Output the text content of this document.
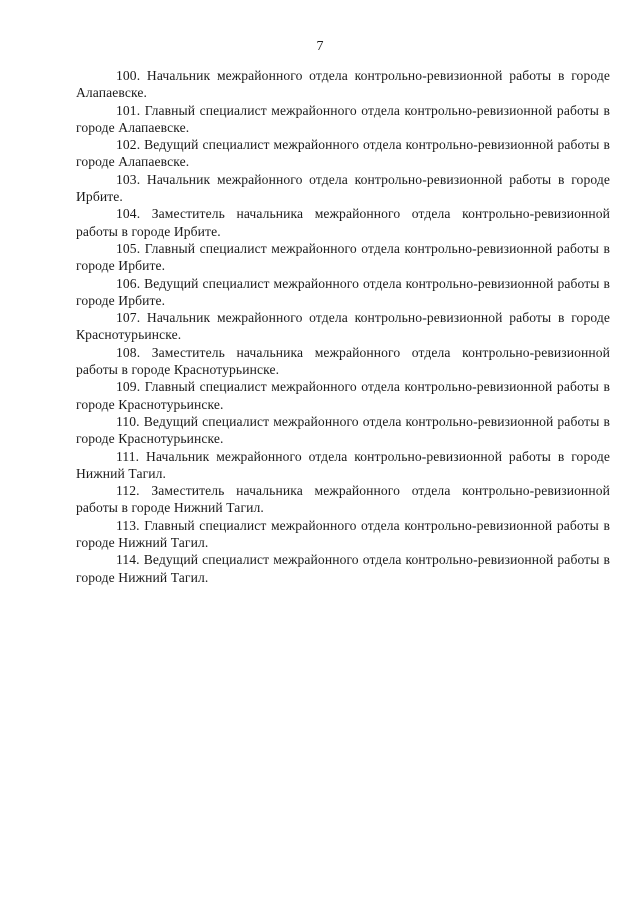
7

100. Начальник межрайонного отдела контрольно-ревизионной работы в городе Алапаевске.

101. Главный специалист межрайонного отдела контрольно-ревизионной работы в городе Алапаевске.

102. Ведущий специалист межрайонного отдела контрольно-ревизионной работы в городе Алапаевске.

103. Начальник межрайонного отдела контрольно-ревизионной работы в городе Ирбите.

104. Заместитель начальника межрайонного отдела контрольно-ревизионной работы в городе Ирбите.

105. Главный специалист межрайонного отдела контрольно-ревизионной работы в городе Ирбите.

106. Ведущий специалист межрайонного отдела контрольно-ревизионной работы в городе Ирбите.

107. Начальник межрайонного отдела контрольно-ревизионной работы в городе Краснотурьинске.

108. Заместитель начальника межрайонного отдела контрольно-ревизионной работы в городе Краснотурьинске.

109. Главный специалист межрайонного отдела контрольно-ревизионной работы в городе Краснотурьинске.

110. Ведущий специалист межрайонного отдела контрольно-ревизионной работы в городе Краснотурьинске.

111. Начальник межрайонного отдела контрольно-ревизионной работы в городе Нижний Тагил.

112. Заместитель начальника межрайонного отдела контрольно-ревизионной работы в городе Нижний Тагил.

113. Главный специалист межрайонного отдела контрольно-ревизионной работы в городе Нижний Тагил.

114. Ведущий специалист межрайонного отдела контрольно-ревизионной работы в городе Нижний Тагил.
